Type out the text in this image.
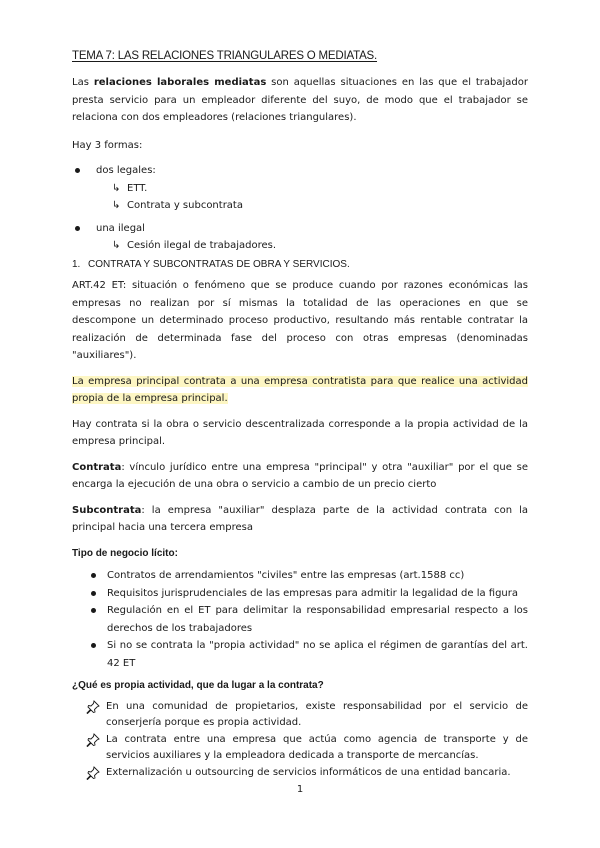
TEMA 7: LAS RELACIONES TRIANGULARES O MEDIATAS.

Las relaciones laborales mediatas son aquellas situaciones en las que el trabajador presta servicio para un empleador diferente del suyo, de modo que el trabajador se relaciona con dos empleadores (relaciones triangulares).

Hay 3 formas:

dos legales:
↳ ETT.
↳ Contrata y subcontrata
una ilegal
↳ Cesión ilegal de trabajadores.
1. CONTRATA Y SUBCONTRATAS DE OBRA Y SERVICIOS.

ART.42 ET: situación o fenómeno que se produce cuando por razones económicas las empresas no realizan por sí mismas la totalidad de las operaciones en que se descompone un determinado proceso productivo, resultando más rentable contratar la realización de determinada fase del proceso con otras empresas (denominadas "auxiliares").

La empresa principal contrata a una empresa contratista para que realice una actividad propia de la empresa principal.

Hay contrata si la obra o servicio descentralizada corresponde a la propia actividad de la empresa principal.

Contrata: vínculo jurídico entre una empresa "principal" y otra "auxiliar" por el que se encarga la ejecución de una obra o servicio a cambio de un precio cierto

Subcontrata: la empresa "auxiliar" desplaza parte de la actividad contrata con la principal hacia una tercera empresa

Tipo de negocio lícito:
Contratos de arrendamientos "civiles" entre las empresas (art.1588 cc)
Requisitos jurisprudenciales de las empresas para admitir la legalidad de la figura
Regulación en el ET para delimitar la responsabilidad empresarial respecto a los derechos de los trabajadores
Si no se contrata la "propia actividad" no se aplica el régimen de garantías del art. 42 ET
¿Qué es propia actividad, que da lugar a la contrata?
En una comunidad de propietarios, existe responsabilidad por el servicio de conserjería porque es propia actividad.
La contrata entre una empresa que actúa como agencia de transporte y de servicios auxiliares y la empleadora dedicada a transporte de mercancías.
Externalización u outsourcing de servicios informáticos de una entidad bancaria.
1
